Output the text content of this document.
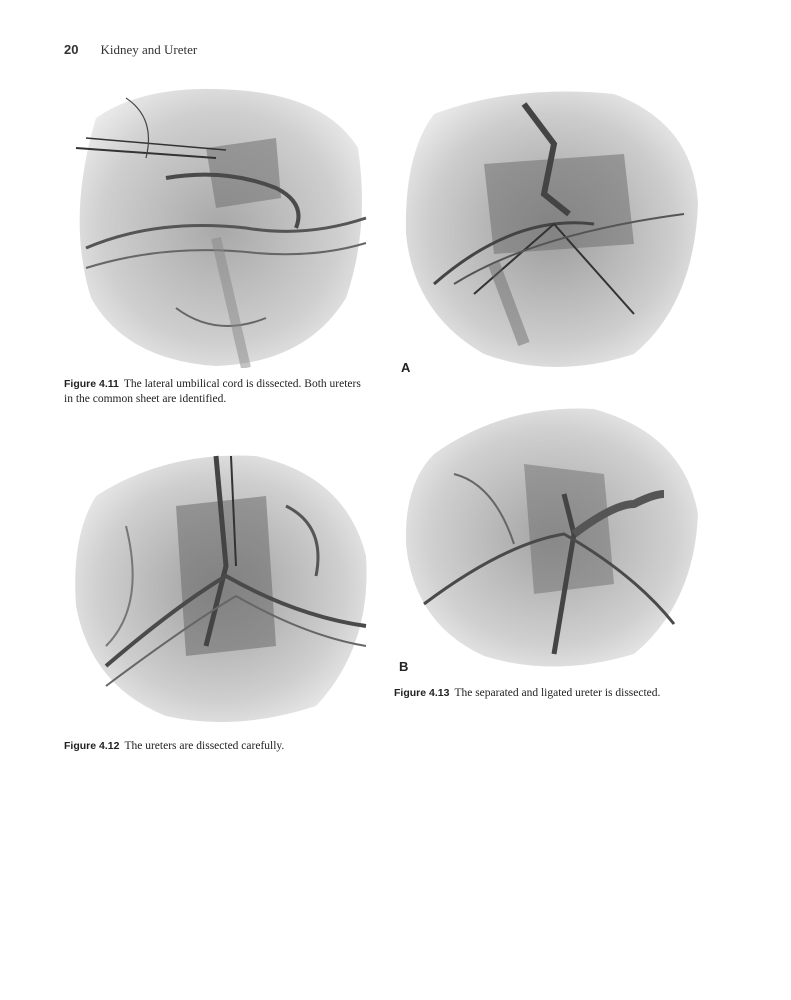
20 Kidney and Ureter
A
Figure 4.11 The lateral umbilical cord is dissected. Both ureters in the common sheet are identified.
B
Figure 4.13 The separated and ligated ureter is dissected.
Figure 4.12 The ureters are dissected carefully.
